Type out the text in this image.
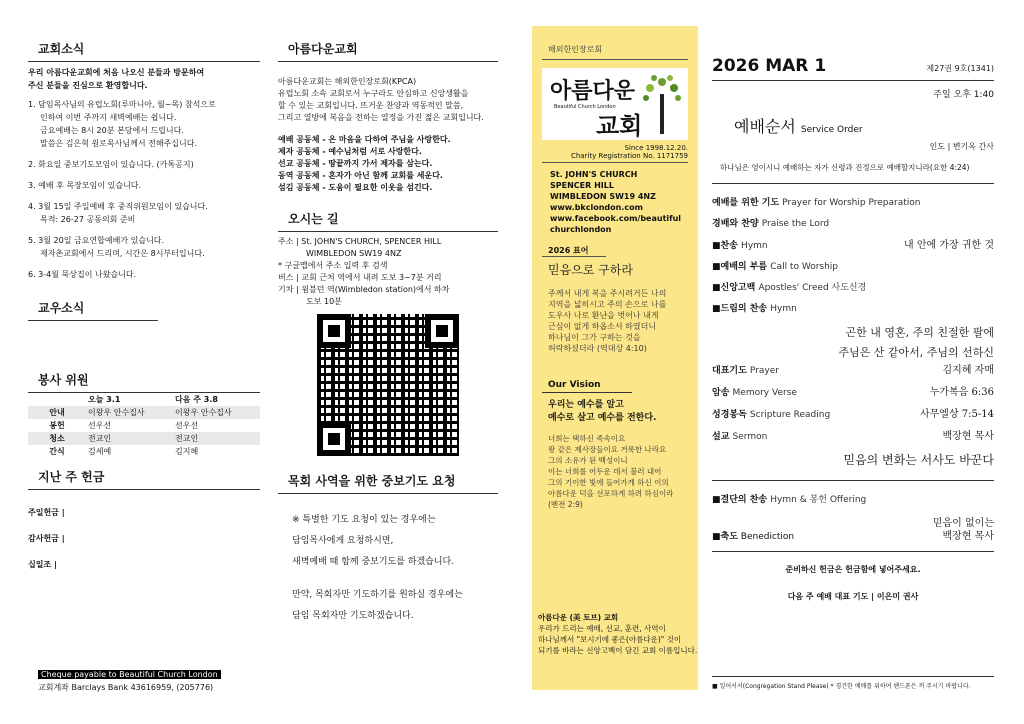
교회소식
우리 아름다운교회에 처음 나오신 분들과 방문하여
주신 분들을 진심으로 환영합니다.
1. 담임목사님의 유럽노회(루마니아, 월~목) 참석으로
인하여 이번 주까지 새벽예배는 쉽니다.
금요예배는 8시 20분 본당에서 드립니다.
말씀은 김은혁 원로목사님께서 전해주십니다.
2. 화요일 중보기도모임이 있습니다. (카톡공지)
3. 예배 후 목장모임이 있습니다.
4. 3월 15일 주일예배 후 중직위원모임이 있습니다.
목적: 26-27 공동의회 준비
5. 3월 20일 금요연합예배가 있습니다.
제자촌교회에서 드리며, 시간은 8시부터입니다.
6. 3-4월 묵상집이 나왔습니다.
교우소식
봉사 위원
	오늘 3.1	다음 주 3.8
안내	이왕우 안수집사	이왕우 안수집사
봉헌	선우선	선우선
청소	전교인	전교인
간식	김세예	김지혜
지난 주 헌금
주일헌금 |
감사헌금 |
십일조 |
Cheque payable to Beautiful Church London
교회계좌 Barclays Bank 43616959, (205776)
아름다운교회
아름다운교회는 해외한인장로회(KPCA)
유럽노회 소속 교회로서 누구라도 안심하고 신앙생활을
할 수 있는 교회입니다. 뜨거운 찬양과 역동적인 말씀,
그리고 열방에 복음을 전하는 열정을 가진 젊은 교회입니다.
예배 공동체 - 온 마음을 다하여 주님을 사랑한다.
제자 공동체 - 예수님처럼 서로 사랑한다.
선교 공동체 - 땅끝까지 가서 제자를 삼는다.
동역 공동체 - 혼자가 아닌 함께 교회를 세운다.
섬김 공동체 - 도움이 필요한 이웃을 섬긴다.
오시는 길
주소 | St. JOHN'S CHURCH, SPENCER HILL
WIMBLEDON SW19 4NZ
* 구글맵에서 주소 입력 후 검색
버스 | 교회 근처 역에서 내려 도보 3~7분 거리
기차 | 윔블던 역(Wimbledon station)에서 하차
도보 10분
목회 사역을 위한 중보기도 요청
※ 특별한 기도 요청이 있는 경우에는
담임목사에게 요청하시면,
새벽예배 때 함께 중보기도를 하겠습니다.
만약, 목회자만 기도하기를 원하실 경우에는
담임 목회자만 기도하겠습니다.
해외한인장로회
아름다운
Beautiful Church London
교회
Since 1998.12.20.
Charity Registration No. 1171759
St. JOHN'S CHURCH
SPENCER HILL
WIMBLEDON SW19 4NZ
www.bkclondon.com
www.facebook.com/beautiful
churchlondon
2026 표어
믿음으로 구하라
주께서 내게 복을 주시려거든 나의
지역을 넓히시고 주의 손으로 나를
도우사 나로 환난을 벗어나 내게
근심이 없게 하옵소서 하였더니
하나님이 그가 구하는 것을
허락하셨더라 (역대상 4:10)
Our Vision
우리는 예수를 알고
예수로 살고 예수를 전한다.
너희는 택하신 족속이요
왕 같은 제사장들이요 거룩한 나라요
그의 소유가 된 백성이니
이는 너희를 어두운 데서 불러 내어
그의 기이한 빛에 들어가게 하신 이의
아름다운 덕을 선포하게 하려 하심이라
(벧전 2:9)
아름다운 (美 토브) 교회
우리가 드리는 예배, 선교, 훈련, 사역이
하나님께서 "보시기에 좋은(아름다운)" 것이
되기를 바라는 신앙고백이 담긴 교회 이름입니다.
2026 MAR 1	제27권 9호(1341)
주일 오후 1:40
예배순서 Service Order
인도 | 변기옥 간사
하나님은 영이시니 예배하는 자가 신령과 진정으로 예배할지니라(요한 4:24)
예배를 위한 기도 Prayer for Worship Preparation
경배와 찬양 Praise the Lord
■찬송 Hymn	내 안에 가장 귀한 것
■예배의 부름 Call to Worship
■신앙고백 Apostles' Creed 사도신경
■드림의 찬송 Hymn
곤한 내 영혼, 주의 친절한 팔에
주님은 산 같아서, 주님의 선하신
대표기도 Prayer	김지혜 자매
암송 Memory Verse	누가복음 6:36
성경봉독 Scripture Reading	사무엘상 7:5-14
설교 Sermon	백장현 목사
믿음의 변화는 서사도 바꾼다
■결단의 찬송 Hymn & 봉헌 Offering
믿음이 없이는
■축도 Benediction	백장현 목사
준비하신 헌금은 헌금함에 넣어주세요.
다음 주 예배 대표 기도 | 이은미 권사
■ 일어서서(Congregation Stand Please) * 경건한 예배를 위하여 핸드폰은 꺼 주시기 바랍니다.
